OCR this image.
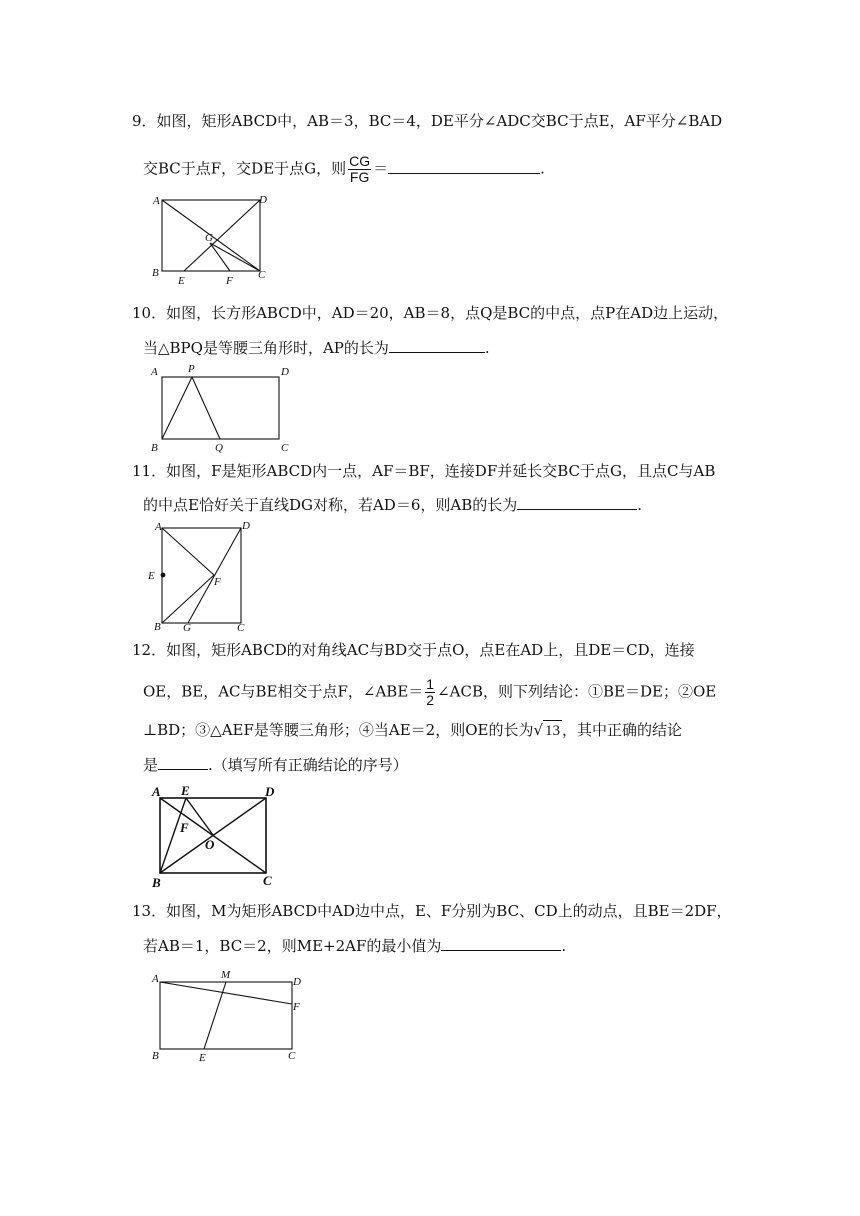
9．如图，矩形ABCD中，AB＝3，BC＝4，DE平分∠ADC交BC于点E，AF平分∠BAD
交BC于点F，交DE于点G，则 $\frac{CG}{FG}$ ＝	.
A	D
G
B
E	F C
10．如图，长方形ABCD中，AD＝20，AB＝8，点Q是BC的中点，点P在AD边上运动，
当△BPQ是等腰三角形时，AP的长为	.
A	P	D
B	Q	C
11．如图，F是矩形ABCD内一点，AF＝BF，连接DF并延长交BC于点G，且点C与AB
的中点E恰好关于直线DG对称，若AD＝6，则AB的长为	.
A	D
E	F
B G	C
12．如图，矩形ABCD的对角线AC与BD交于点O，点E在AD上，且DE＝CD，连接
OE，BE，AC与BE相交于点F，∠ABE＝ $\frac{1}{2}$ ∠ACB，则下列结论：①BE＝DE；②OE
⊥BD；③△AEF是等腰三角形；④当AE＝2，则OE的长为√ 13 ，其中正确的结论
是	.（填写所有正确结论的序号）
A E	D
F
O
B	C
13．如图，M为矩形ABCD中AD边中点，E、F分别为BC、CD上的动点，且BE＝2DF，
若AB＝1，BC＝2，则ME+2AF的最小值为	.
A	M
D
F
B	E	C
